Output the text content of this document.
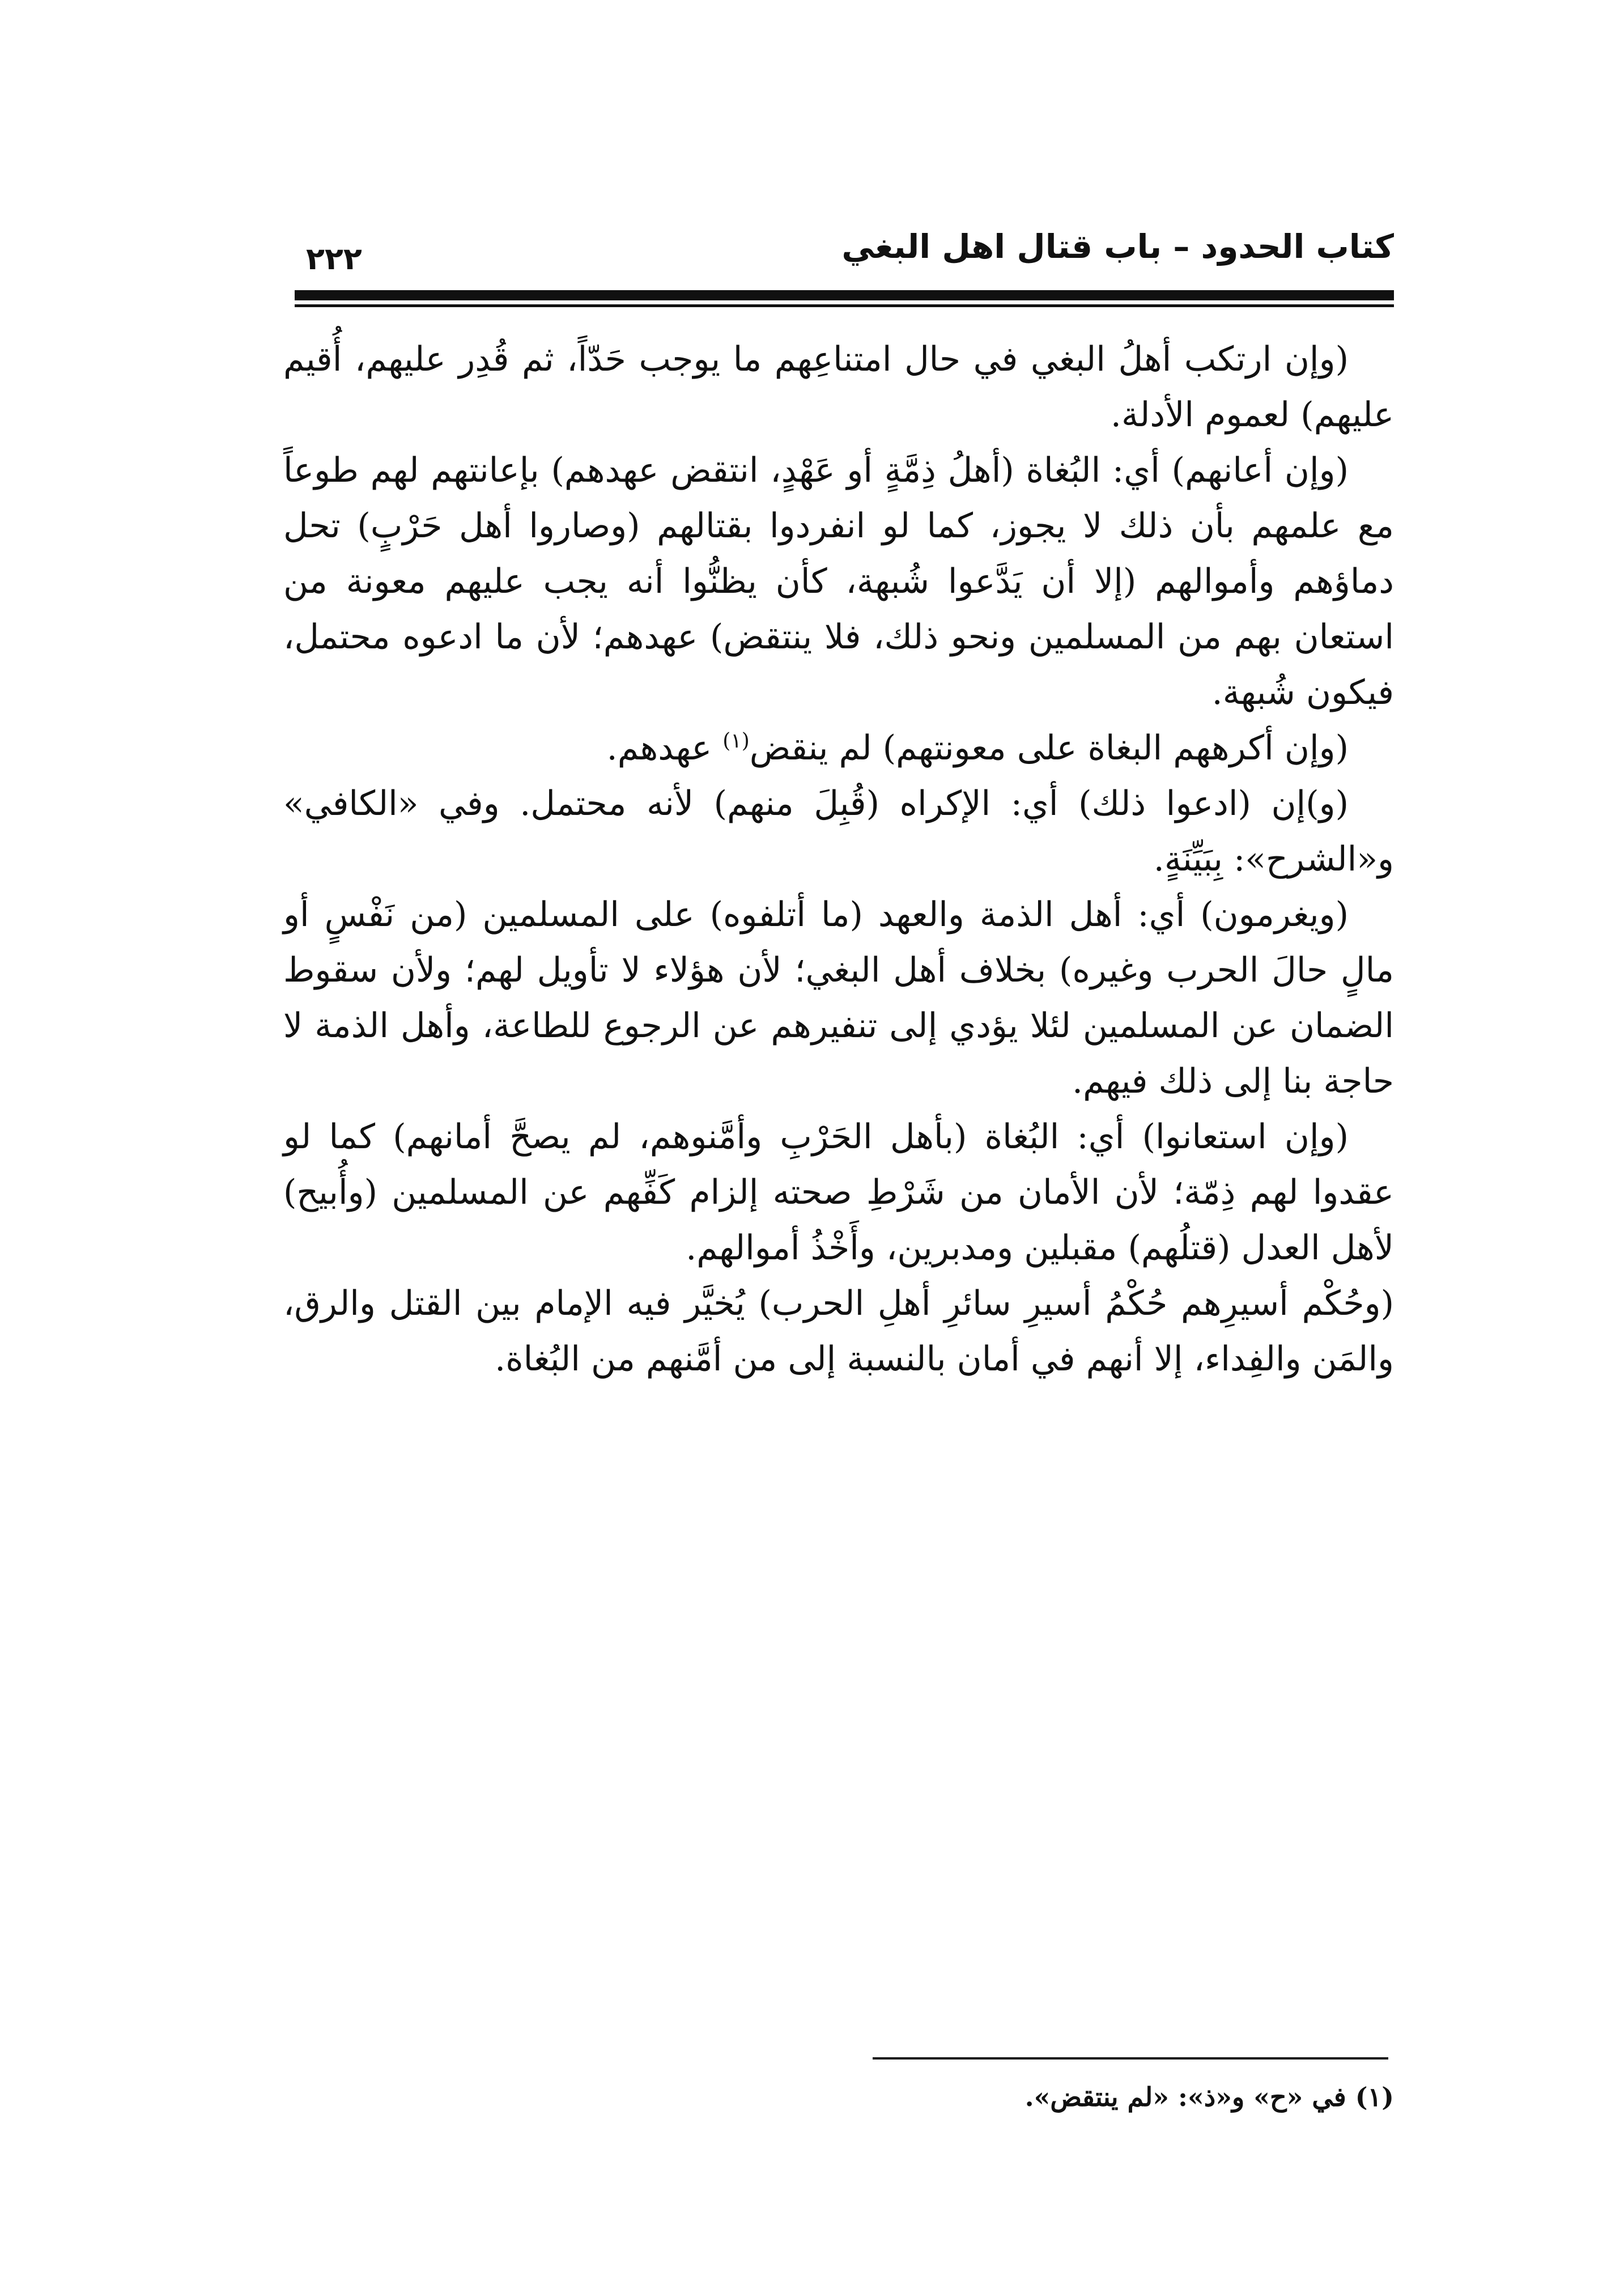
كتاب الحدود – باب قتال اهل البغي
٢٢٢

(وإن ارتكب أهلُ البغي في حال امتناعِهم ما يوجب حَدّاً، ثم قُدِر عليهم، أُقيم عليهم) لعموم الأدلة.

(وإن أعانهم) أي: البُغاة (أهلُ ذِمَّةٍ أو عَهْدٍ، انتقض عهدهم) بإعانتهم لهم طوعاً مع علمهم بأن ذلك لا يجوز، كما لو انفردوا بقتالهم (وصاروا أهل حَرْبٍ) تحل دماؤهم وأموالهم (إلا أن يَدَّعوا شُبهة، كأن يظنُّوا أنه يجب عليهم معونة من استعان بهم من المسلمين ونحو ذلك، فلا ينتقض) عهدهم؛ لأن ما ادعوه محتمل، فيكون شُبهة.

(وإن أكرههم البغاة على معونتهم) لم ينقض$^{(١)}$ عهدهم.

(و)إن (ادعوا ذلك) أي: الإكراه (قُبِلَ منهم) لأنه محتمل. وفي «الكافي» و«الشرح»: بِبَيِّنَةٍ.

(ويغرمون) أي: أهل الذمة والعهد (ما أتلفوه) على المسلمين (من نَفْسٍ أو مالٍ حالَ الحرب وغيره) بخلاف أهل البغي؛ لأن هؤلاء لا تأويل لهم؛ ولأن سقوط الضمان عن المسلمين لئلا يؤدي إلى تنفيرهم عن الرجوع للطاعة، وأهل الذمة لا حاجة بنا إلى ذلك فيهم.

(وإن استعانوا) أي: البُغاة (بأهل الحَرْبِ وأمَّنوهم، لم يصحَّ أمانهم) كما لو عقدوا لهم ذِمّة؛ لأن الأمان من شَرْطِ صحته إلزام كَفِّهم عن المسلمين (وأُبيح) لأهل العدل (قتلُهم) مقبلين ومدبرين، وأَخْذُ أموالهم.

(وحُكْم أسيرِهم حُكْمُ أسيرِ سائرِ أهلِ الحرب) يُخيَّر فيه الإمام بين القتل والرق، والمَن والفِداء، إلا أنهم في أمان بالنسبة إلى من أمَّنهم من البُغاة.

(١) في «ح» و«ذ»: «لم ينتقض».
